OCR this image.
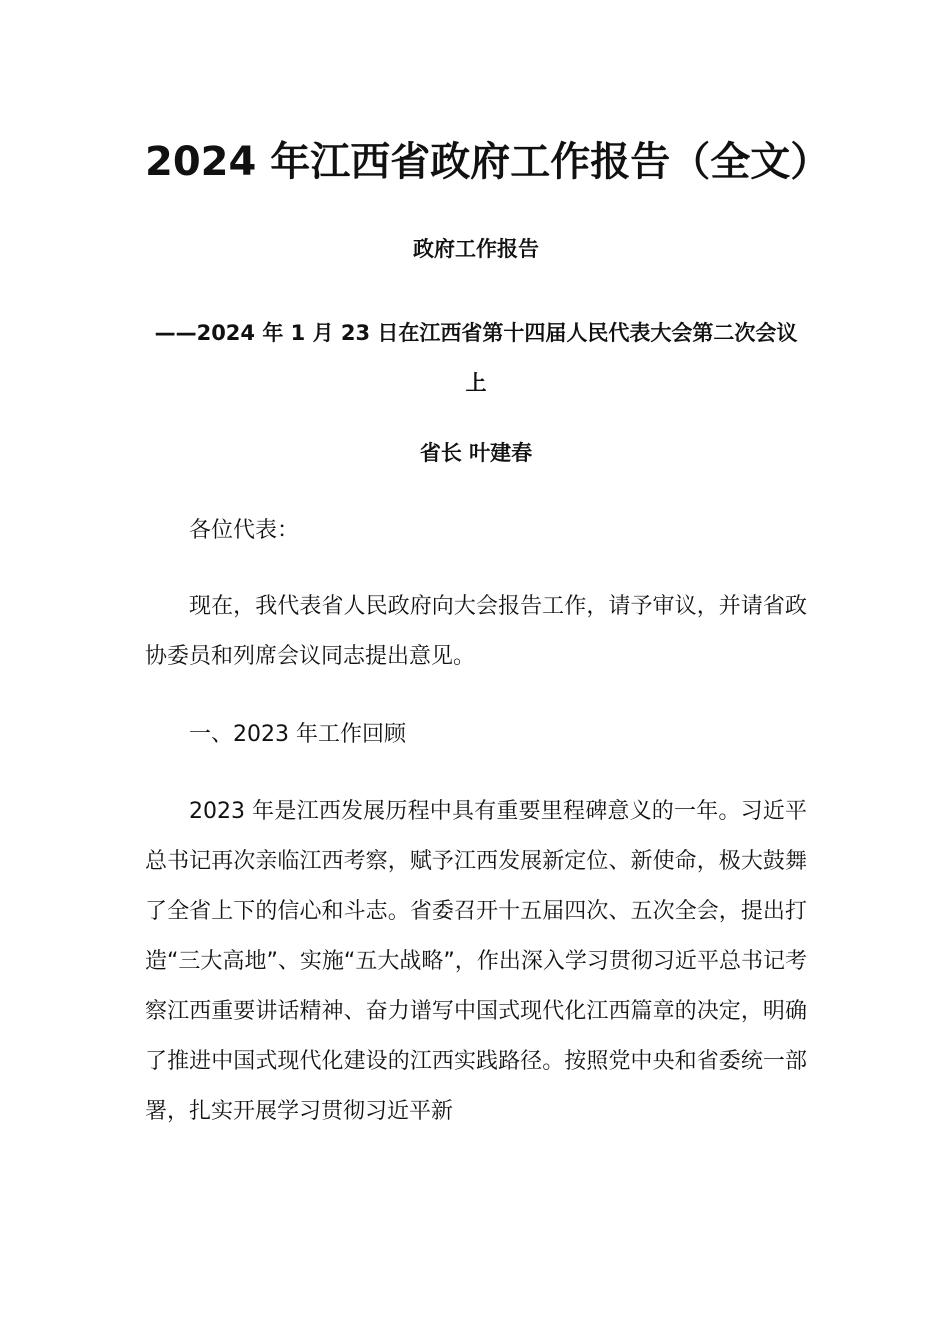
2024 年江西省政府工作报告（全文）
政府工作报告

——2024 年 1 月 23 日在江西省第十四届人民代表大会第二次会议上

省长 叶建春

各位代表：

现在，我代表省人民政府向大会报告工作，请予审议，并请省政协委员和列席会议同志提出意见。

一、2023 年工作回顾

2023 年是江西发展历程中具有重要里程碑意义的一年。习近平总书记再次亲临江西考察，赋予江西发展新定位、新使命，极大鼓舞了全省上下的信心和斗志。省委召开十五届四次、五次全会，提出打造“三大高地”、实施“五大战略”，作出深入学习贯彻习近平总书记考察江西重要讲话精神、奋力谱写中国式现代化江西篇章的决定，明确了推进中国式现代化建设的江西实践路径。按照党中央和省委统一部署，扎实开展学习贯彻习近平新
